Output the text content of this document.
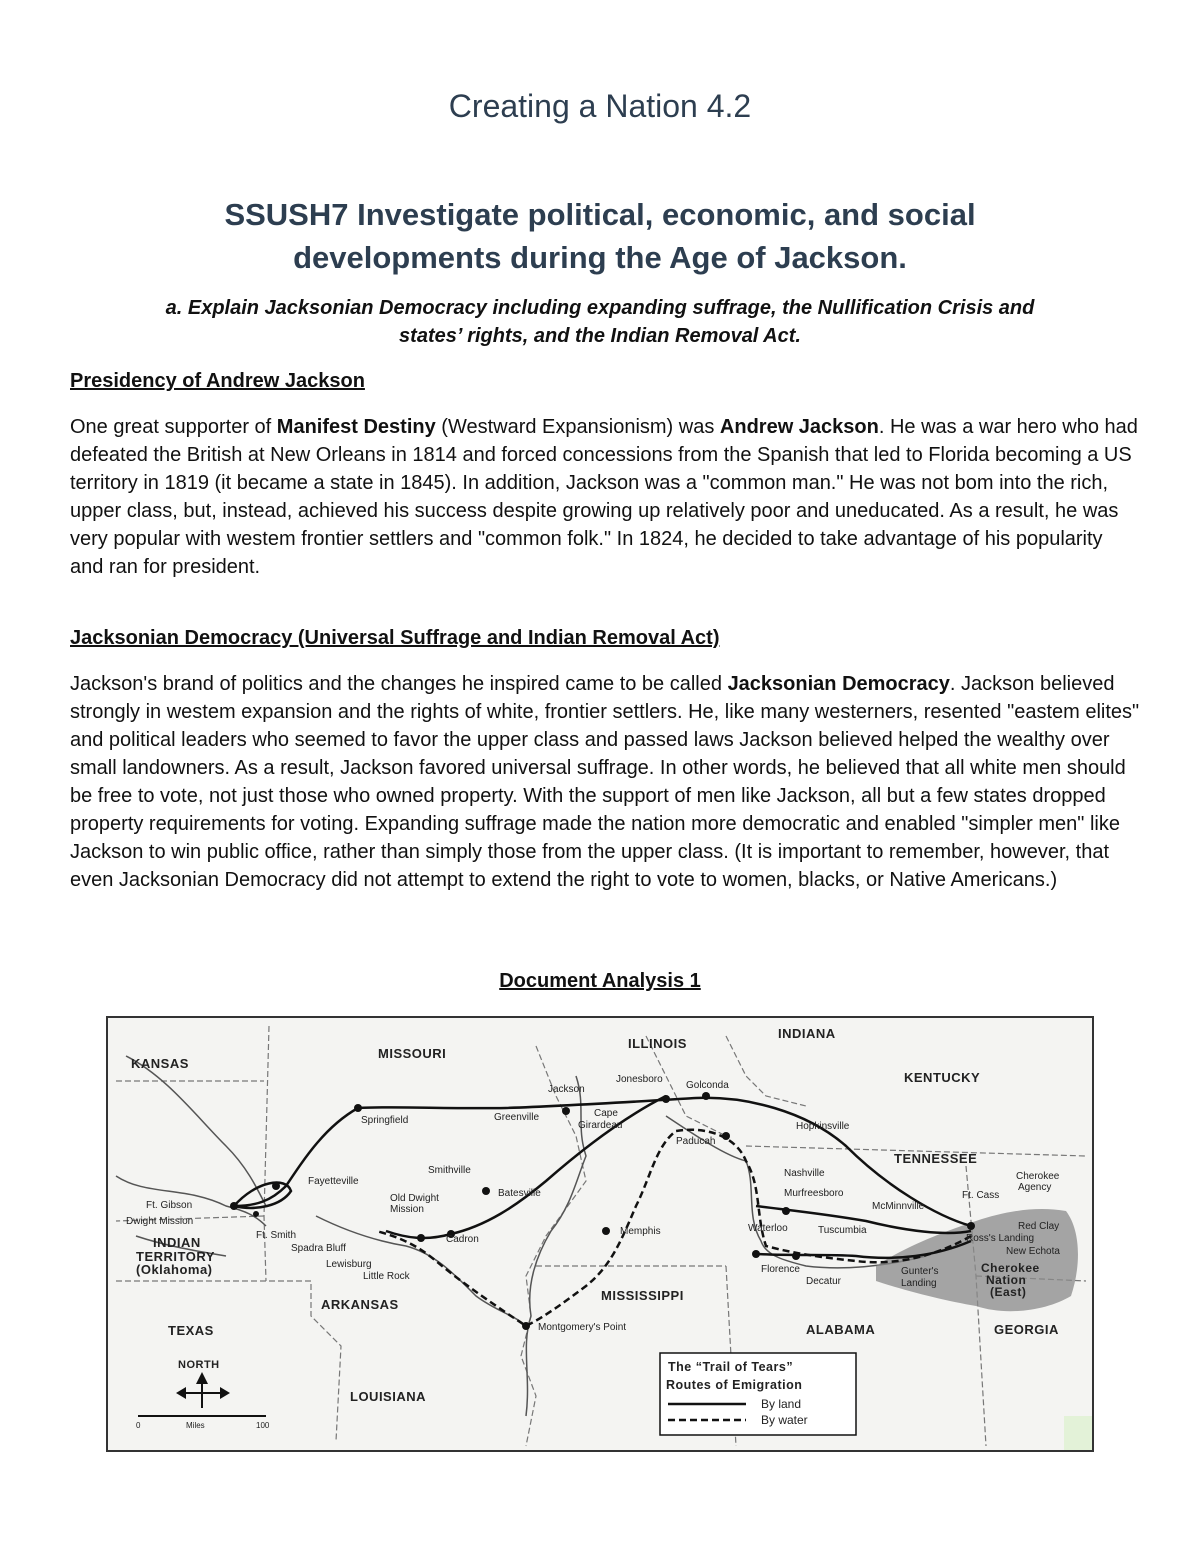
Creating a Nation 4.2
SSUSH7 Investigate political, economic, and social
developments during the Age of Jackson.
a. Explain Jacksonian Democracy including expanding suffrage, the Nullification Crisis and
states’ rights, and the Indian Removal Act.
Presidency of Andrew Jackson
One great supporter of Manifest Destiny (Westward Expansionism) was Andrew Jackson. He was a war hero who had defeated the British at New Orleans in 1814 and forced concessions from the Spanish that led to Florida becoming a US territory in 1819 (it became a state in 1845). In addition, Jackson was a "common man." He was not bom into the rich, upper class, but, instead, achieved his success despite growing up relatively poor and uneducated. As a result, he was very popular with westem frontier settlers and "common folk." In 1824, he decided to take advantage of his popularity and ran for president.
Jacksonian Democracy (Universal Suffrage and Indian Removal Act)
Jackson's brand of politics and the changes he inspired came to be called Jacksonian Democracy. Jackson believed strongly in westem expansion and the rights of white, frontier settlers. He, like many westerners, resented "eastem elites" and political leaders who seemed to favor the upper class and passed laws Jackson believed helped the wealthy over small landowners. As a result, Jackson favored universal suffrage. In other words, he believed that all white men should be free to vote, not just those who owned property. With the support of men like Jackson, all but a few states dropped property requirements for voting. Expanding suffrage made the nation more democratic and enabled "simpler men" like Jackson to win public office, rather than simply those from the upper class. (It is important to remember, however, that even Jacksonian Democracy did not attempt to extend the right to vote to women, blacks, or Native Americans.)
Document Analysis 1
KANSAS
MISSOURI
ILLINOIS
INDIANA
KENTUCKY
TENNESSEE
ARKANSAS
MISSISSIPPI
ALABAMA	GEORGIA
TEXAS
LOUISIANA
INDIAN
TERRITORY
(Oklahoma)
Jackson
Jonesboro
Golconda
Springfield	Greenville	Cape
Girardeau
Paducah
Hopkinsville
Smithville
Fayetteville
Batesville
Old Dwight
Mission
Ft. Gibson
Dwight Mission
Ft. Smith
Spadra Bluff
Cadron
Lewisburg
Little Rock
Memphis
Nashville
Murfreesboro
McMinnville
Ft. Cass
Cherokee
Agency
Red Clay
Ross's Landing
New Echota
Waterloo	Tuscumbia
Florence
Decatur
Gunter's
Landing
Cherokee
Nation
(East)
Montgomery's Point
NORTH
0	Miles	100
The “Trail of Tears”
Routes of Emigration
By land
By water
